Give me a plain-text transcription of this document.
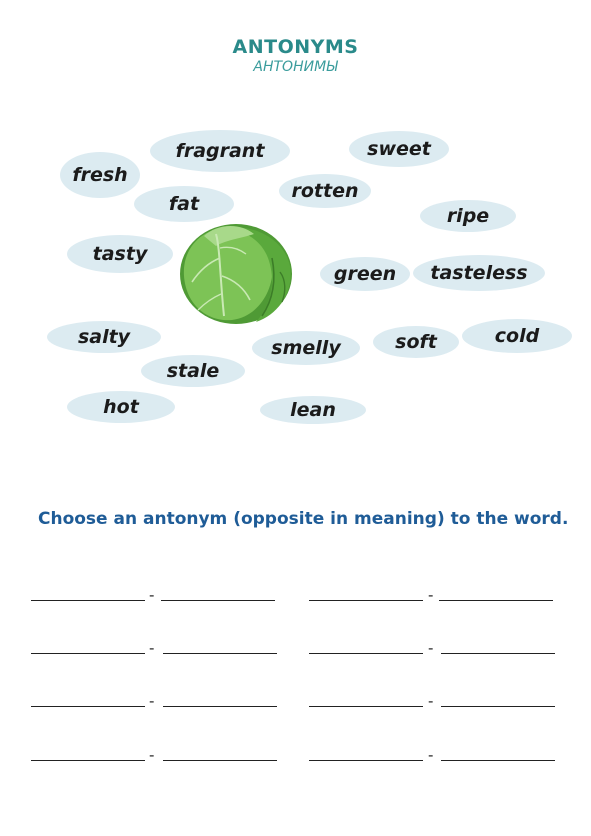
ANTONYMS
АНТОНИМЫ
fresh
fragrant	sweet
fat
rotten
ripe
tasty
green tasteless
salty	smelly	soft	cold
stale
hot	lean
Choose an antonym (opposite in meaning) to the word.
-	-
-	-
-	-
-	-
